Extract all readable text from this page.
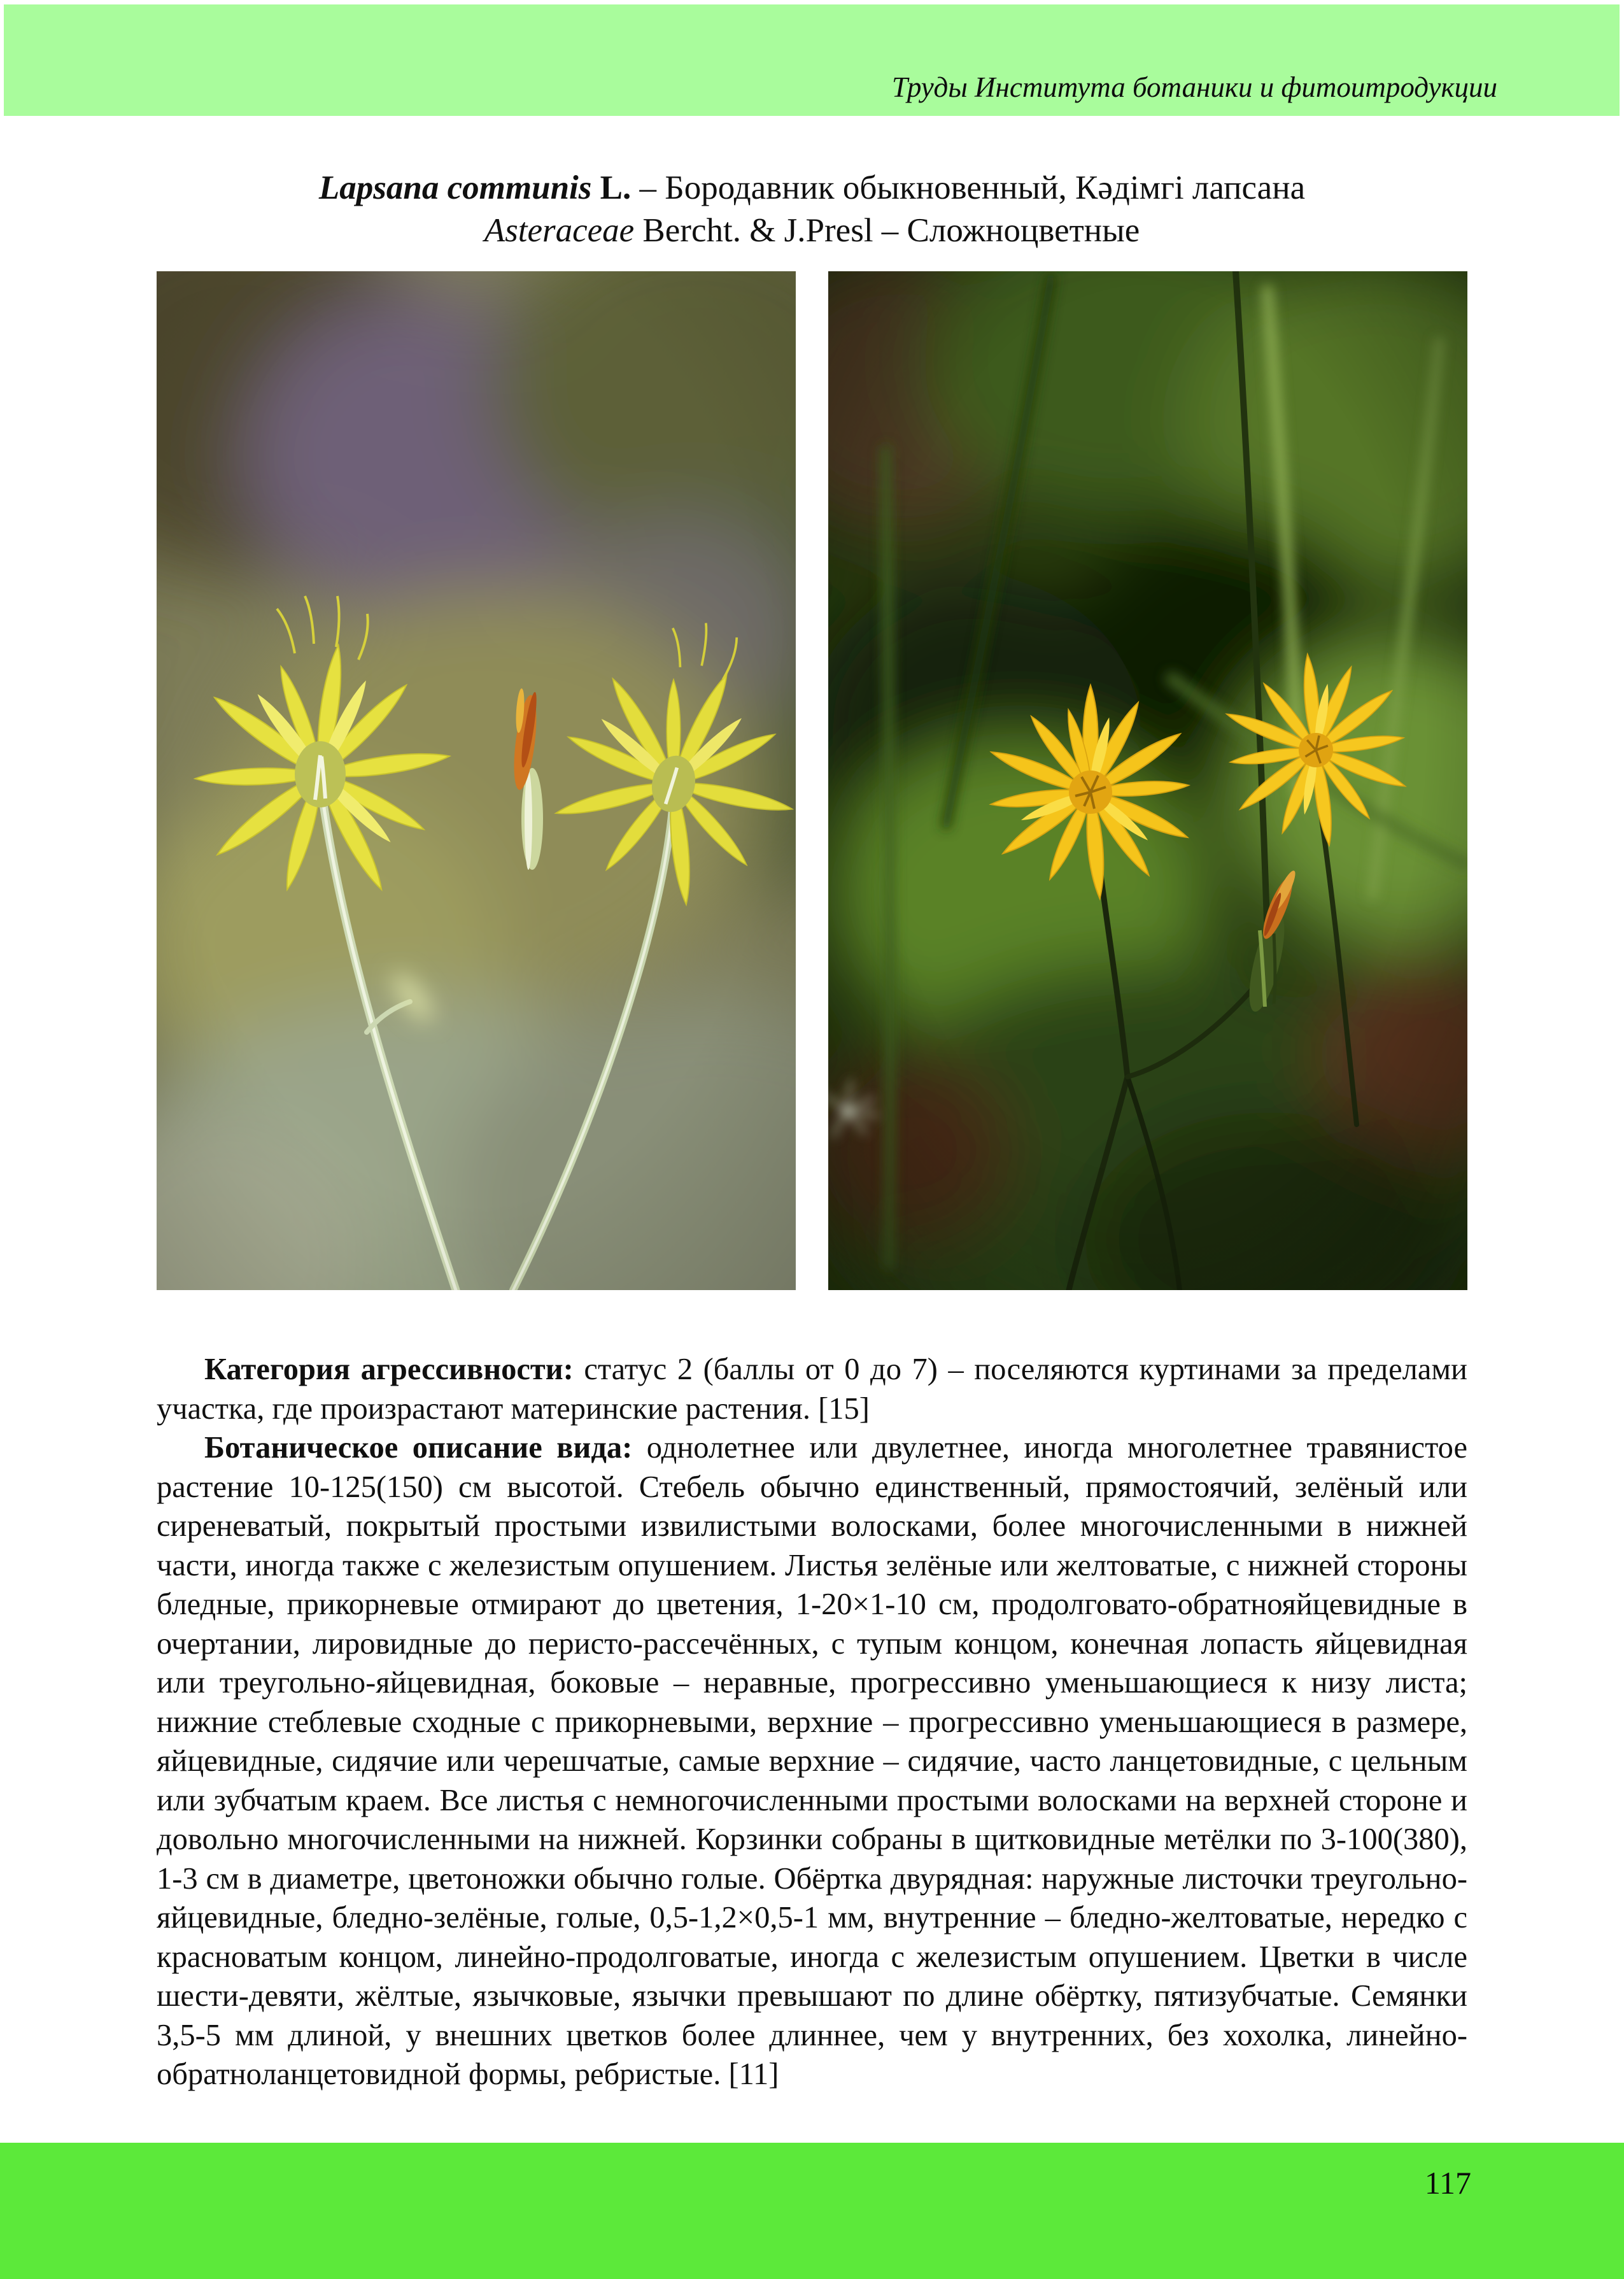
Труды Института ботаники и фитоитродукции
Lapsana communis L. – Бородавник обыкновенный, Кәдімгі лапсана
Asteraceae Bercht. & J.Presl – Сложноцветные

Категория агрессивности: статус 2 (баллы от 0 до 7) – поселяются куртинами за пределами участка, где произрастают материнские растения. [15]

Ботаническое описание вида: однолетнее или двулетнее, иногда многолетнее травянистое растение 10-125(150) см высотой. Стебель обычно единственный, прямостоячий, зелёный или сиреневатый, покрытый простыми извилистыми волосками, более многочисленными в нижней части, иногда также с железистым опушением. Листья зелёные или желтоватые, с нижней стороны бледные, прикорневые отмирают до цветения, 1-20×1-10 см, продолговато-обратнояйцевидные в очертании, лировидные до перисто-рассечённых, с тупым концом, конечная лопасть яйцевидная или треугольно-яйцевидная, боковые – неравные, прогрессивно уменьшающиеся к низу листа; нижние стеблевые сходные с прикорневыми, верхние – прогрессивно уменьшающиеся в размере, яйцевидные, сидячие или черешчатые, самые верхние – сидячие, часто ланцетовидные, с цельным или зубчатым краем. Все листья с немногочисленными простыми волосками на верхней стороне и довольно многочисленными на нижней. Корзинки собраны в щитковидные метёлки по 3-100(380), 1-3 см в диаметре, цветоножки обычно голые. Обёртка двурядная: наружные листочки треугольно-яйцевидные, бледно-зелёные, голые, 0,5-1,2×0,5-1 мм, внутренние – бледно-желтоватые, нередко с красноватым концом, линейно-продолговатые, иногда с железистым опушением. Цветки в числе шести-девяти, жёлтые, язычковые, язычки превышают по длине обёртку, пятизубчатые. Семянки 3,5-5 мм длиной, у внешних цветков более длиннее, чем у внутренних, без хохолка, линейно-обратноланцетовидной формы, ребристые. [11]

117
